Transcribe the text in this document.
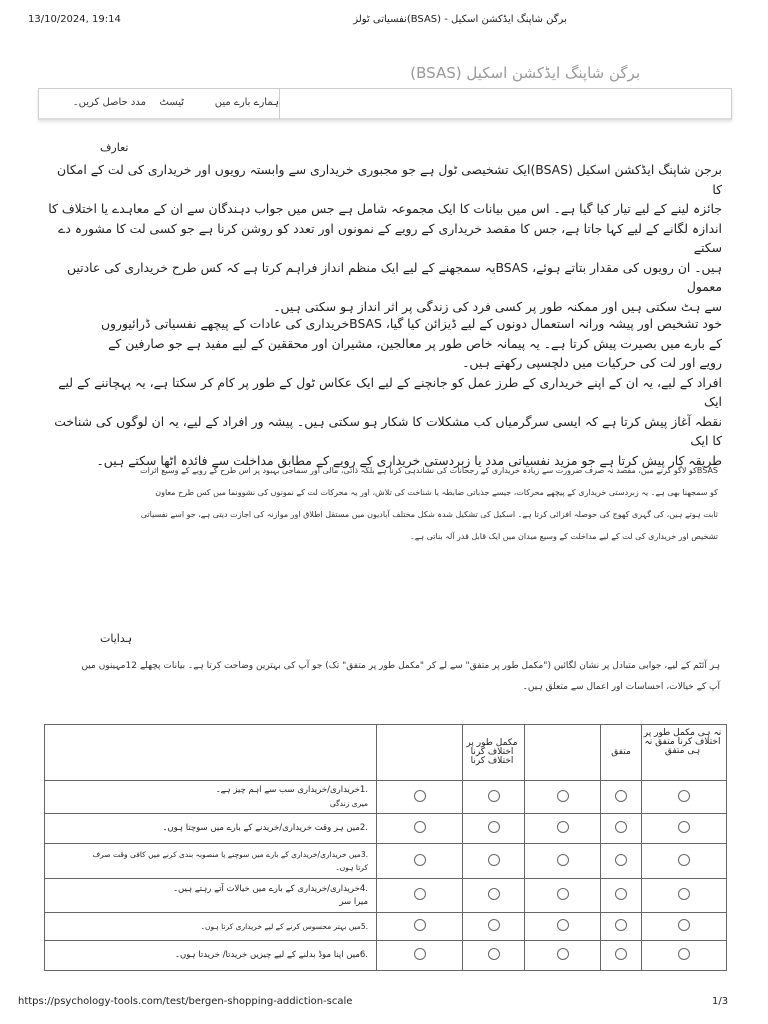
13/10/2024, 19:14	برگن شاپنگ ایڈکشن اسکیل - (BSAS)نفسیاتی ٹولز
برگن شاپنگ ایڈکشن اسکیل (BSAS)
ہمارے بارے میں
ٹیسٹ
مدد حاصل کریں۔
تعارف
برجن شاپنگ ایڈکشن اسکیل (BSAS)ایک تشخیصی ٹول ہے جو مجبوری خریداری سے وابستہ رویوں اور خریداری کی لت کے امکان کا
جائزہ لینے کے لیے تیار کیا گیا ہے۔ اس میں بیانات کا ایک مجموعہ شامل ہے جس میں جواب دہندگان سے ان کے معاہدے یا اختلاف کا
اندازہ لگانے کے لیے کہا جاتا ہے، جس کا مقصد خریداری کے رویے کے نمونوں اور تعدد کو روشن کرنا ہے جو کسی لت کا مشورہ دے سکتے
ہیں۔ ان رویوں کی مقدار بتاتے ہوئے، BSASیہ سمجھنے کے لیے ایک منظم انداز فراہم کرتا ہے کہ کس طرح خریداری کی عادتیں معمول
سے ہٹ سکتی ہیں اور ممکنہ طور پر کسی فرد کی زندگی پر اثر انداز ہو سکتی ہیں۔
خود تشخیص اور پیشہ ورانہ استعمال دونوں کے لیے ڈیزائن کیا گیا، BSASخریداری کی عادات کے پیچھے نفسیاتی ڈرائیوروں
کے بارے میں بصیرت پیش کرتا ہے۔ یہ پیمانہ خاص طور پر معالجین، مشیران اور محققین کے لیے مفید ہے جو صارفین کے
رویے اور لت کی حرکیات میں دلچسپی رکھتے ہیں۔
افراد کے لیے، یہ ان کے اپنے خریداری کے طرز عمل کو جانچنے کے لیے ایک عکاس ٹول کے طور پر کام کر سکتا ہے، یہ پہچاننے کے لیے ایک
نقطہ آغاز پیش کرتا ہے کہ ایسی سرگرمیاں کب مشکلات کا شکار ہو سکتی ہیں۔ پیشہ ور افراد کے لیے، یہ ان لوگوں کی شناخت کا ایک
طریقہ کار پیش کرتا ہے جو مزید نفسیاتی مدد یا زبردستی خریداری کے رویے کے مطابق مداخلت سے فائدہ اٹھا سکتے ہیں۔
BSASکو لاگو کرنے میں، مقصد نہ صرف ضرورت سے زیادہ خریداری کے رجحانات کی نشاندہی کرنا ہے بلکہ ذاتی، مالی اور سماجی بہبود پر اس طرح کے رویے کے وسیع اثرات
کو سمجھنا بھی ہے۔ یہ زبردستی خریداری کے پیچھے محرکات، جیسے جذباتی ضابطہ یا شناخت کی تلاش، اور یہ محرکات لت کے نمونوں کی نشوونما میں کس طرح معاون
ثابت ہوتے ہیں، کی گہری کھوج کی حوصلہ افزائی کرتا ہے۔ اسکیل کی تشکیل شدہ شکل مختلف آبادیوں میں مستقل اطلاق اور موازنہ کی اجازت دیتی ہے، جو اسے نفسیاتی
تشخیص اور خریداری کی لت کے لیے مداخلت کے وسیع میدان میں ایک قابل قدر آلہ بناتی ہے۔
ہدایات
ہر آئٹم کے لیے، جوابی متبادل پر نشان لگائیں ("مکمل طور پر متفق" سے لے کر "مکمل طور پر متفق" تک) جو آپ کی بہترین وضاحت کرتا ہے۔ بیانات پچھلے 12مہینوں میں
آپ کے خیالات، احساسات اور اعمال سے متعلق ہیں۔
		مکمل طور پر اختلاف کرنا اختلاف کرنا		متفق	نہ ہی مکمل طور پر اختلاف کرنا متفق نہ ہی متفق

.1خریداری/خریداری سب سے اہم چیز ہے۔
میری زندگی					

.2میں ہر وقت خریداری/خریدنے کے بارے میں سوچتا ہوں۔					

.3میں خریداری/خریداری کے بارے میں سوچنے یا منصوبہ بندی کرنے میں کافی وقت صرف
کرتا ہوں۔					

.4خریداری/خریداری کے بارے میں خیالات آتے رہتے ہیں۔
میرا سر					

.5میں بہتر محسوس کرنے کے لیے خریداری کرتا ہوں۔					

.6میں اپنا موڈ بدلنے کے لیے چیزیں خریدتا/ خریدتا ہوں۔					

https://psychology-tools.com/test/bergen-shopping-addiction-scale	1/3
